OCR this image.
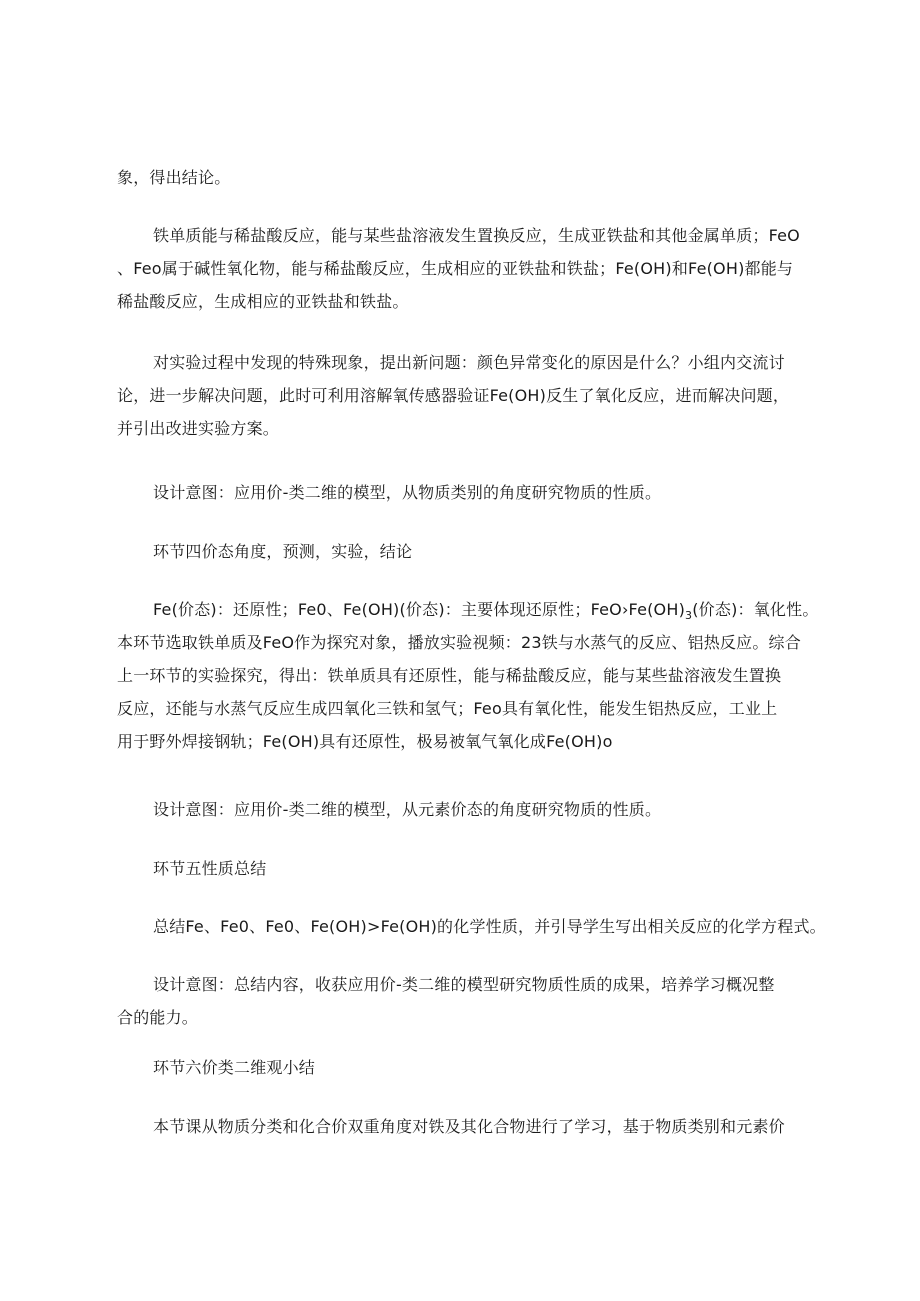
象，得出结论。

铁单质能与稀盐酸反应，能与某些盐溶液发生置换反应，生成亚铁盐和其他金属单质；FeO
、Feo属于碱性氧化物，能与稀盐酸反应，生成相应的亚铁盐和铁盐；Fe(OH)和Fe(OH)都能与
稀盐酸反应，生成相应的亚铁盐和铁盐。

对实验过程中发现的特殊现象，提出新问题：颜色异常变化的原因是什么？小组内交流讨
论，进一步解决问题，此时可利用溶解氧传感器验证Fe(OH)反生了氧化反应，进而解决问题，
并引出改进实验方案。

设计意图：应用价-类二维的模型，从物质类别的角度研究物质的性质。

环节四价态角度，预测，实验，结论

Fe(价态)：还原性；Fe0、Fe(OH)(价态)：主要体现还原性；$FeO›Fe(OH)_3$(价态)：氧化性。
本环节选取铁单质及FeO作为探究对象，播放实验视频：23铁与水蒸气的反应、铝热反应。综合
上一环节的实验探究，得出：铁单质具有还原性，能与稀盐酸反应，能与某些盐溶液发生置换
反应，还能与水蒸气反应生成四氧化三铁和氢气；Feo具有氧化性，能发生铝热反应，工业上
用于野外焊接钢轨；Fe(OH)具有还原性，极易被氧气氧化成Fe(OH)o

设计意图：应用价-类二维的模型，从元素价态的角度研究物质的性质。

环节五性质总结

总结Fe、Fe0、Fe0、Fe(OH)>Fe(OH)的化学性质，并引导学生写出相关反应的化学方程式。

设计意图：总结内容，收获应用价-类二维的模型研究物质性质的成果，培养学习概况整
合的能力。

环节六价类二维观小结

本节课从物质分类和化合价双重角度对铁及其化合物进行了学习，基于物质类别和元素价
